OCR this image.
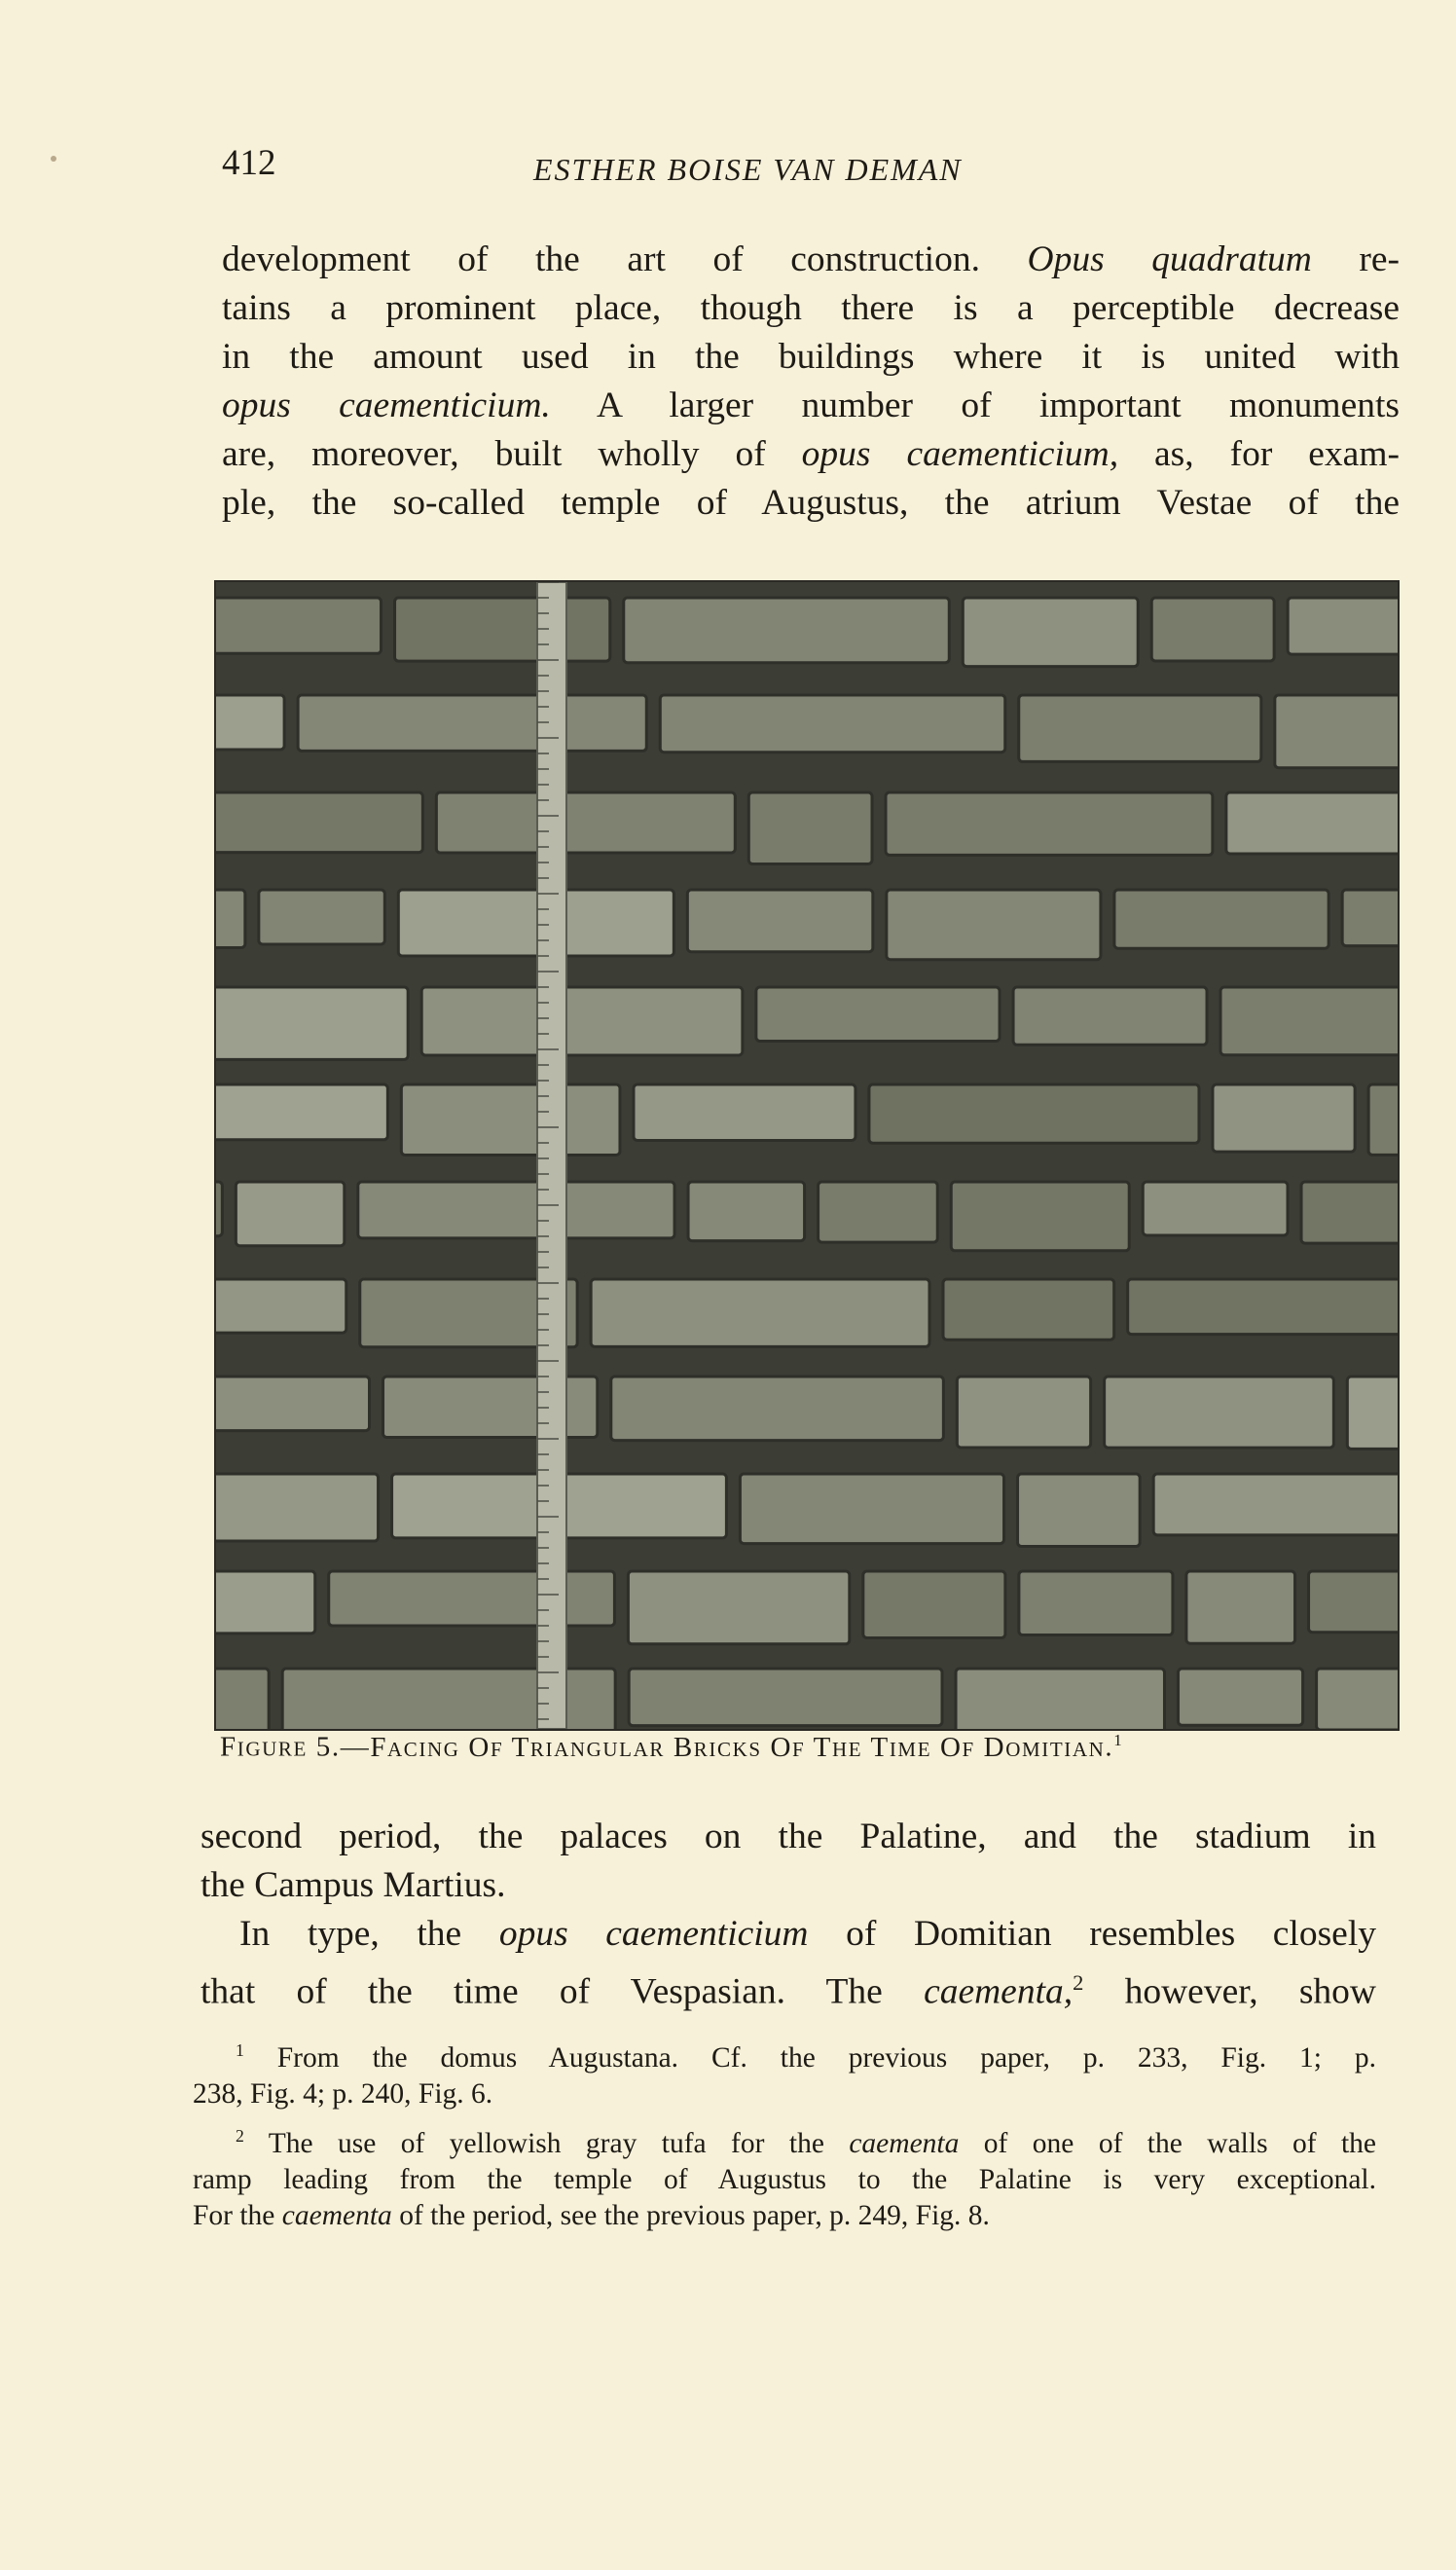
412	ESTHER BOISE VAN DEMAN
development of the art of construction. Opus quadratum re-
tains a prominent place, though there is a perceptible decrease
in the amount used in the buildings where it is united with
opus caementicium. A larger number of important monuments
are, moreover, built wholly of opus caementicium, as, for exam-
ple, the so-called temple of Augustus, the atrium Vestae of the
FIGURE 5.—FACING OF TRIANGULAR BRICKS OF THE TIME OF DOMITIAN.$^1$
second period, the palaces on the Palatine, and the stadium in
the Campus Martius.
In type, the opus caementicium of Domitian resembles closely
that of the time of Vespasian. The caementa,$^2$ however, show
$^1$ From the domus Augustana. Cf. the previous paper, p. 233, Fig. 1; p.
238, Fig. 4; p. 240, Fig. 6.
$^2$ The use of yellowish gray tufa for the caementa of one of the walls of the
ramp leading from the temple of Augustus to the Palatine is very exceptional.
For the caementa of the period, see the previous paper, p. 249, Fig. 8.
